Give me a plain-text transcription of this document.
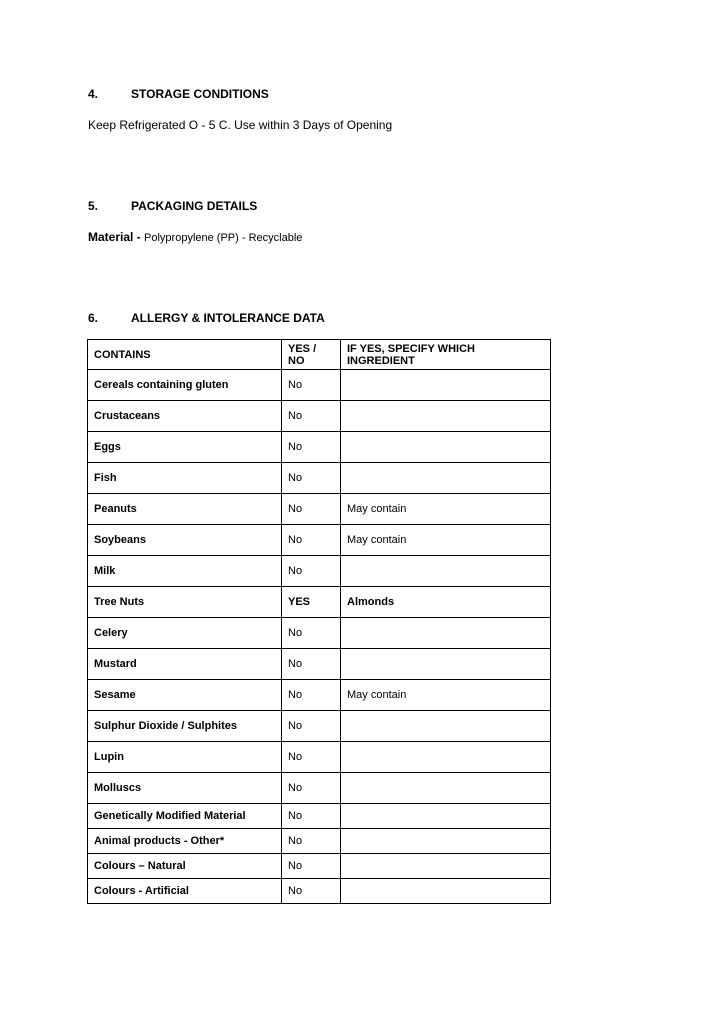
4.	STORAGE CONDITIONS
Keep Refrigerated O - 5 C. Use within 3 Days of Opening
5.	PACKAGING DETAILS
Material - Polypropylene (PP) - Recyclable
6.	ALLERGY & INTOLERANCE DATA
CONTAINS	YES / NO	IF YES, SPECIFY WHICH INGREDIENT
Cereals containing gluten	No	
Crustaceans	No	
Eggs	No	
Fish	No	
Peanuts	No	May contain
Soybeans	No	May contain
Milk	No	
Tree Nuts	YES	Almonds
Celery	No	
Mustard	No	
Sesame	No	May contain
Sulphur Dioxide / Sulphites	No	
Lupin	No	
Molluscs	No	
Genetically Modified Material	No	
Animal products - Other*	No	
Colours – Natural	No	
Colours - Artificial	No	
